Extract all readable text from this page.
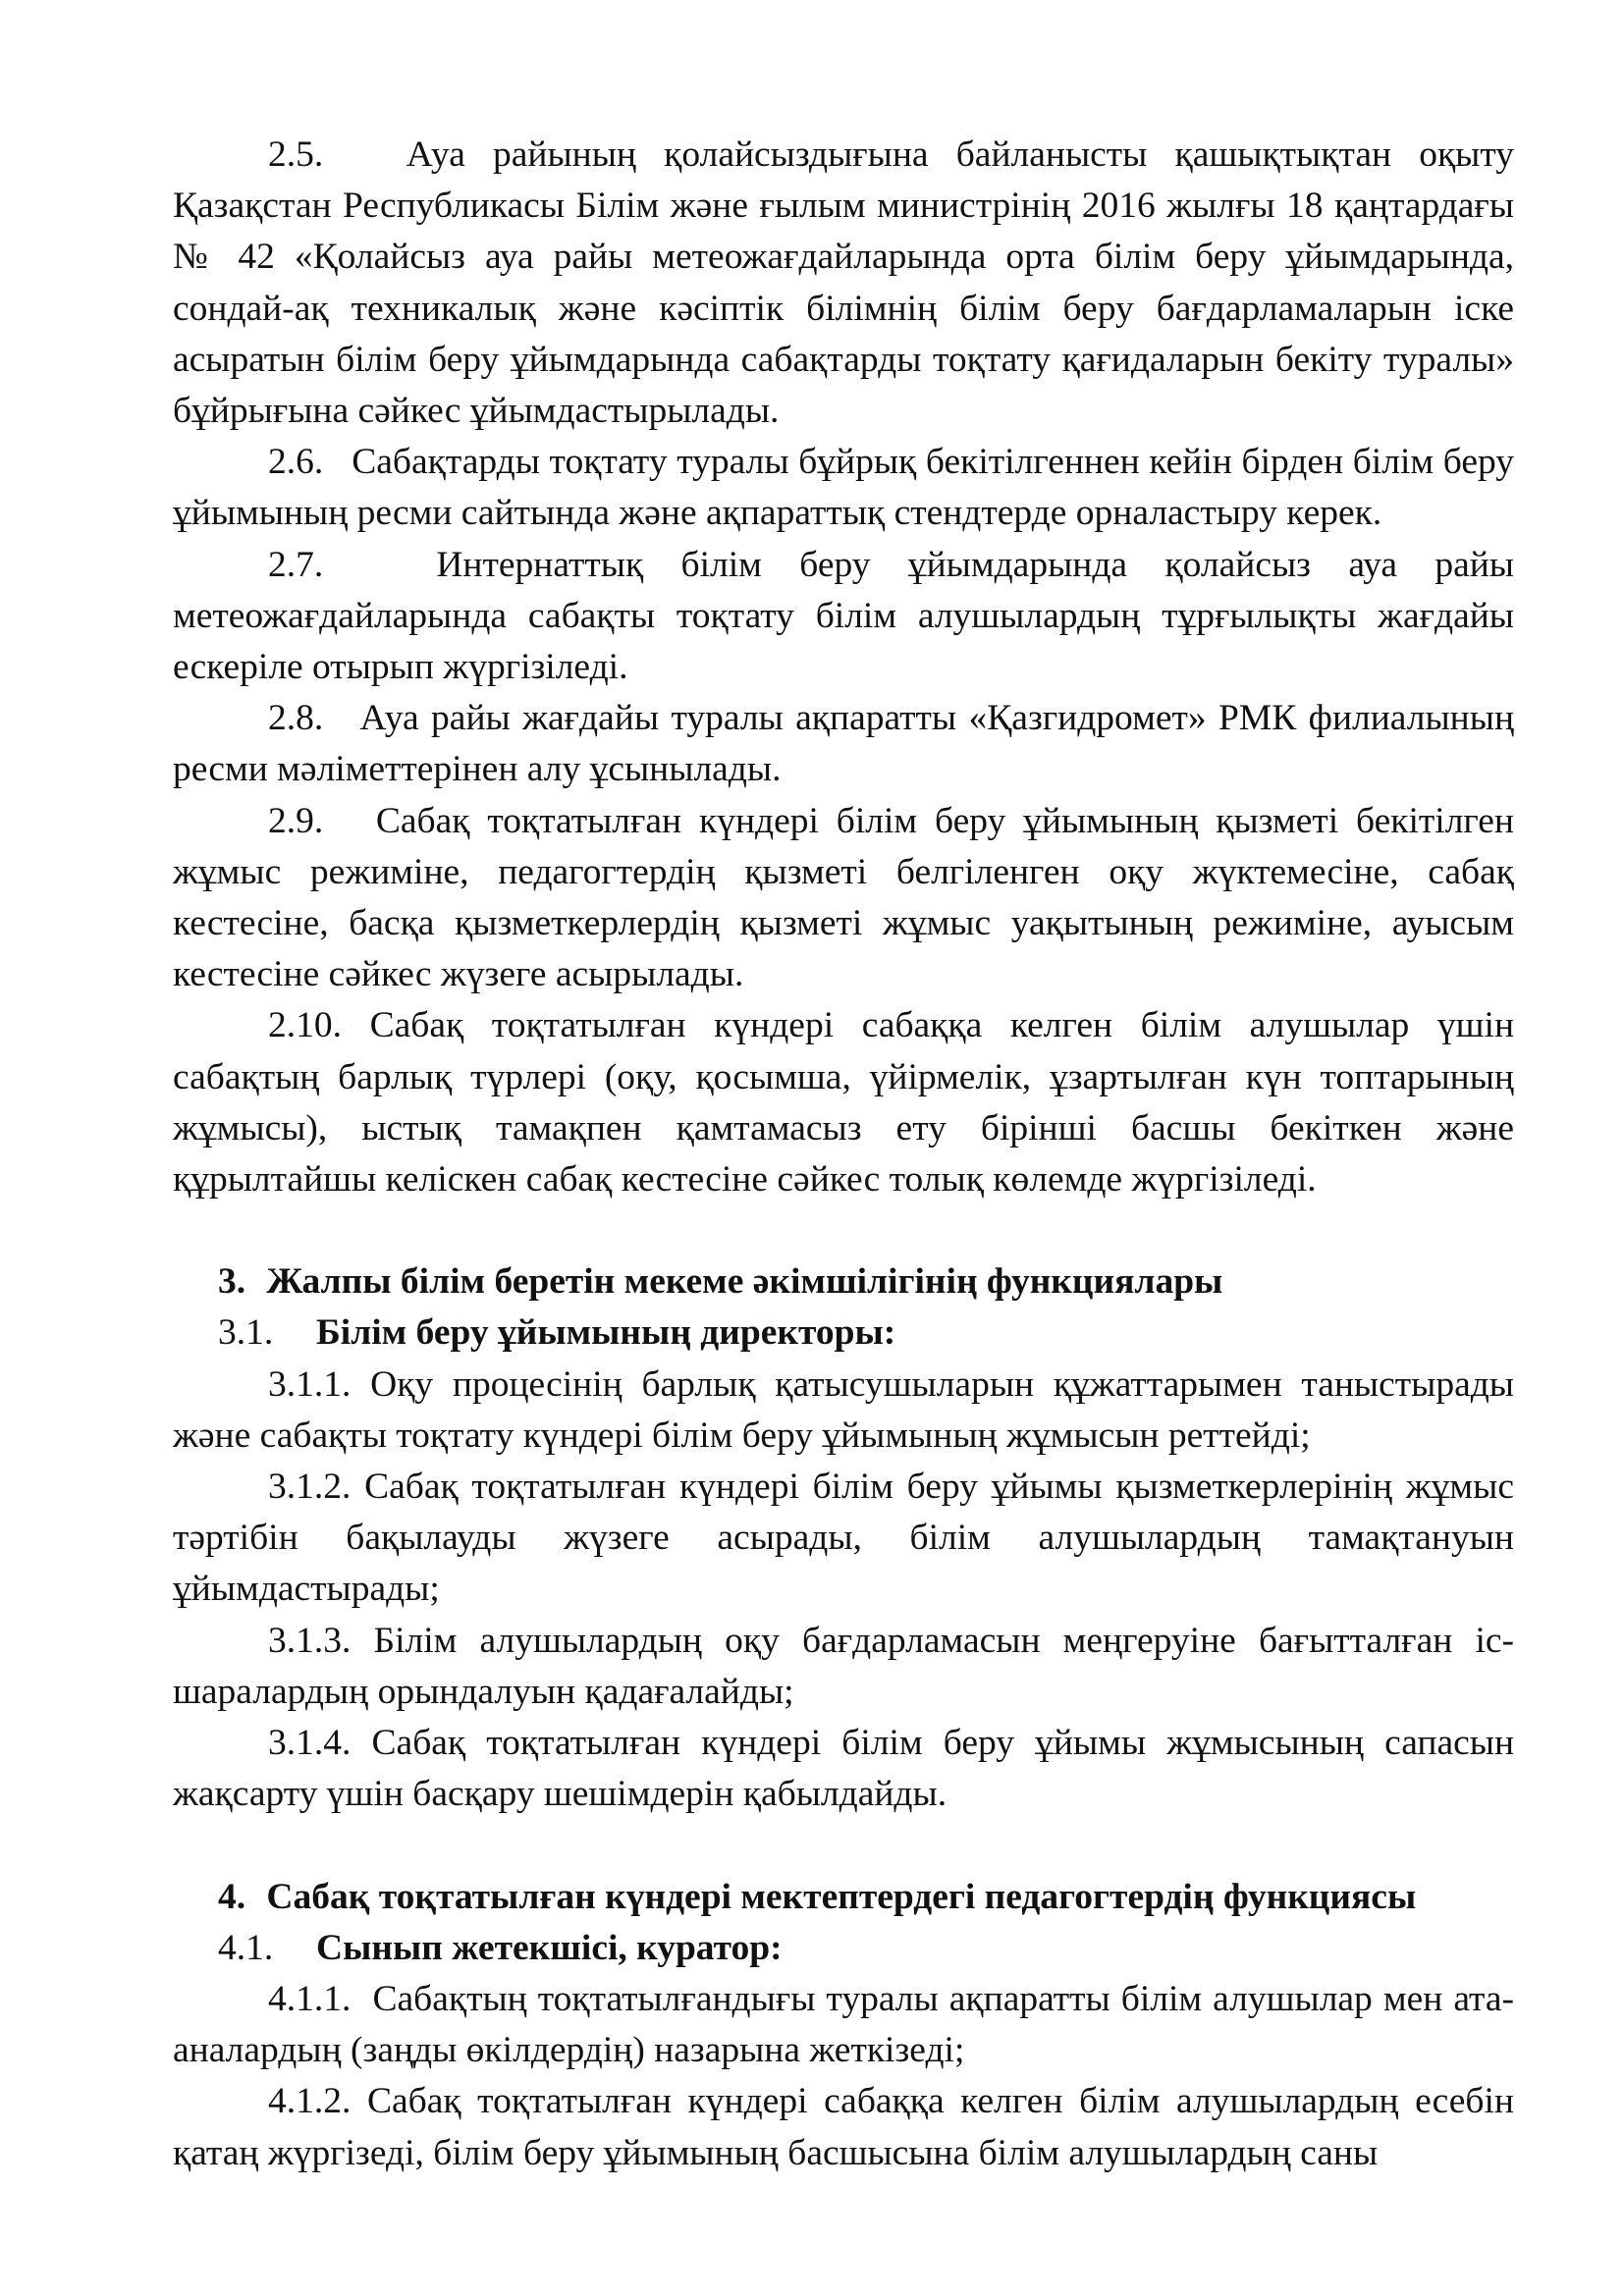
2.5. Ауа райының қолайсыздығына байланысты қашықтықтан оқыту Қазақстан Республикасы Білім және ғылым министрінің 2016 жылғы 18 қаңтардағы № 42 «Қолайсыз ауа райы метеожағдайларында орта білім беру ұйымдарында, сондай-ақ техникалық және кәсіптік білімнің білім беру бағдарламаларын іске асыратын білім беру ұйымдарында сабақтарды тоқтату қағидаларын бекіту туралы» бұйрығына сәйкес ұйымдастырылады.

2.6. Сабақтарды тоқтату туралы бұйрық бекітілгеннен кейін бірден білім беру ұйымының ресми сайтында және ақпараттық стендтерде орналастыру керек.

2.7.	Интернаттық білім беру ұйымдарында қолайсыз ауа райы метеожағдайларында сабақты тоқтату білім алушылардың тұрғылықты жағдайы ескеріле отырып жүргізіледі.

2.8. Ауа райы жағдайы туралы ақпаратты «Қазгидромет» РМК филиалының ресми мәліметтерінен алу ұсынылады.

2.9. Сабақ тоқтатылған күндері білім беру ұйымының қызметі бекітілген жұмыс режиміне, педагогтердің қызметі белгіленген оқу жүктемесіне, сабақ кестесіне, басқа қызметкерлердің қызметі жұмыс уақытының режиміне, ауысым кестесіне сәйкес жүзеге асырылады.

2.10. Сабақ тоқтатылған күндері сабаққа келген білім алушылар үшін сабақтың барлық түрлері (оқу, қосымша, үйірмелік, ұзартылған күн топтарының жұмысы), ыстық тамақпен қамтамасыз ету бірінші басшы бекіткен және құрылтайшы келіскен сабақ кестесіне сәйкес толық көлемде жүргізіледі.

3. Жалпы білім беретін мекеме әкімшілігінің функциялары

3.1. Білім беру ұйымының директоры:

3.1.1. Оқу процесінің барлық қатысушыларын құжаттарымен таныстырады және сабақты тоқтату күндері білім беру ұйымының жұмысын реттейді;

3.1.2. Сабақ тоқтатылған күндері білім беру ұйымы қызметкерлерінің жұмыс тәртібін бақылауды жүзеге асырады, білім алушылардың тамақтануын ұйымдастырады;

3.1.3. Білім алушылардың оқу бағдарламасын меңгеруіне бағытталған іс-шаралардың орындалуын қадағалайды;

3.1.4. Сабақ тоқтатылған күндері білім беру ұйымы жұмысының сапасын жақсарту үшін басқару шешімдерін қабылдайды.

4. Сабақ тоқтатылған күндері мектептердегі педагогтердің функциясы

4.1. Сынып жетекшісі, куратор:

4.1.1. Сабақтың тоқтатылғандығы туралы ақпаратты білім алушылар мен ата-аналардың (заңды өкілдердің) назарына жеткізеді;

4.1.2. Сабақ тоқтатылған күндері сабаққа келген білім алушылардың есебін қатаң жүргізеді, білім беру ұйымының басшысына білім алушылардың саны
